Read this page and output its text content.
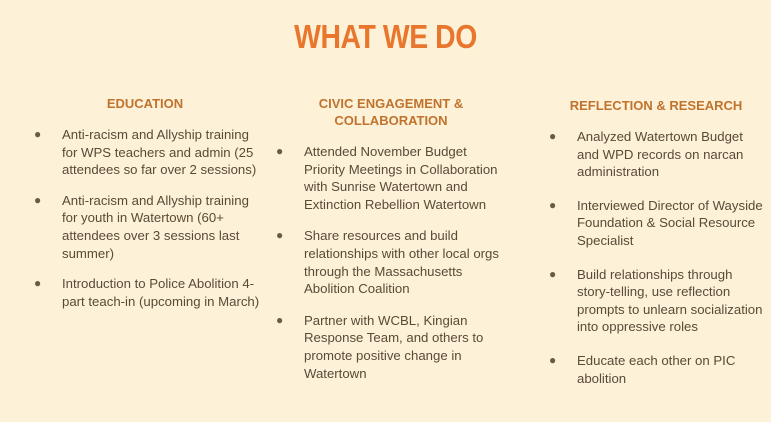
WHAT WE DO
EDUCATION
● Anti-racism and Allyship training for WPS teachers and admin (25 attendees so far over 2 sessions)
● Anti-racism and Allyship training for youth in Watertown (60+ attendees over 3 sessions last summer)
● Introduction to Police Abolition 4-part teach-in (upcoming in March)
CIVIC ENGAGEMENT & COLLABORATION
● Attended November Budget Priority Meetings in Collaboration with Sunrise Watertown and Extinction Rebellion Watertown
● Share resources and build relationships with other local orgs through the Massachusetts Abolition Coalition
● Partner with WCBL, Kingian Response Team, and others to promote positive change in Watertown
REFLECTION & RESEARCH
● Analyzed Watertown Budget and WPD records on narcan administration
● Interviewed Director of Wayside Foundation & Social Resource Specialist
● Build relationships through story-telling, use reflection prompts to unlearn socialization into oppressive roles
● Educate each other on PIC abolition
